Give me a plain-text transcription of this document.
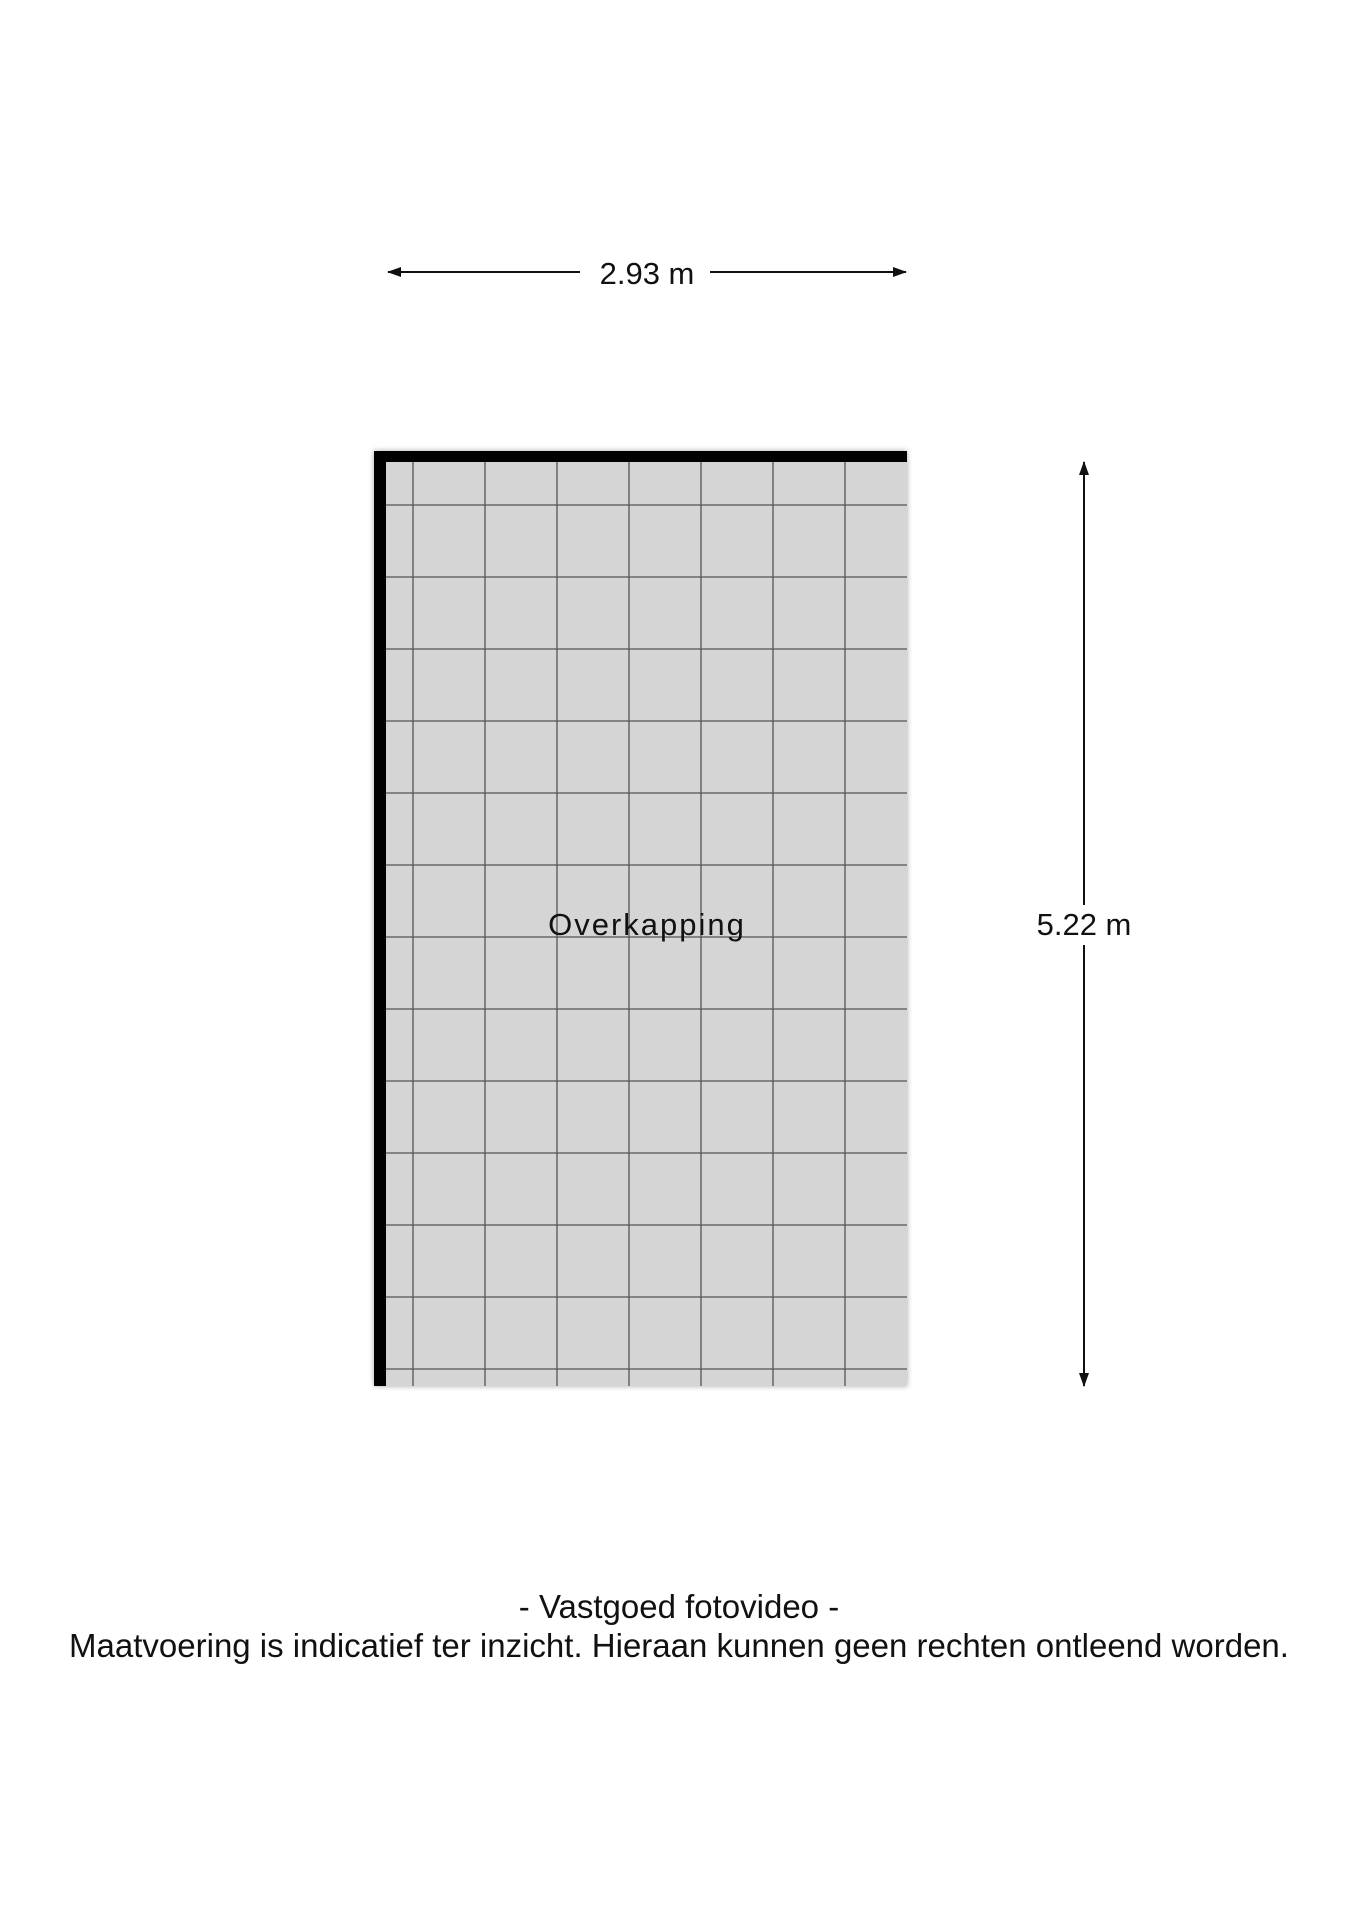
2.93 m
Overkapping	5.22 m
- Vastgoed fotovideo -
Maatvoering is indicatief ter inzicht. Hieraan kunnen geen rechten ontleend worden.
